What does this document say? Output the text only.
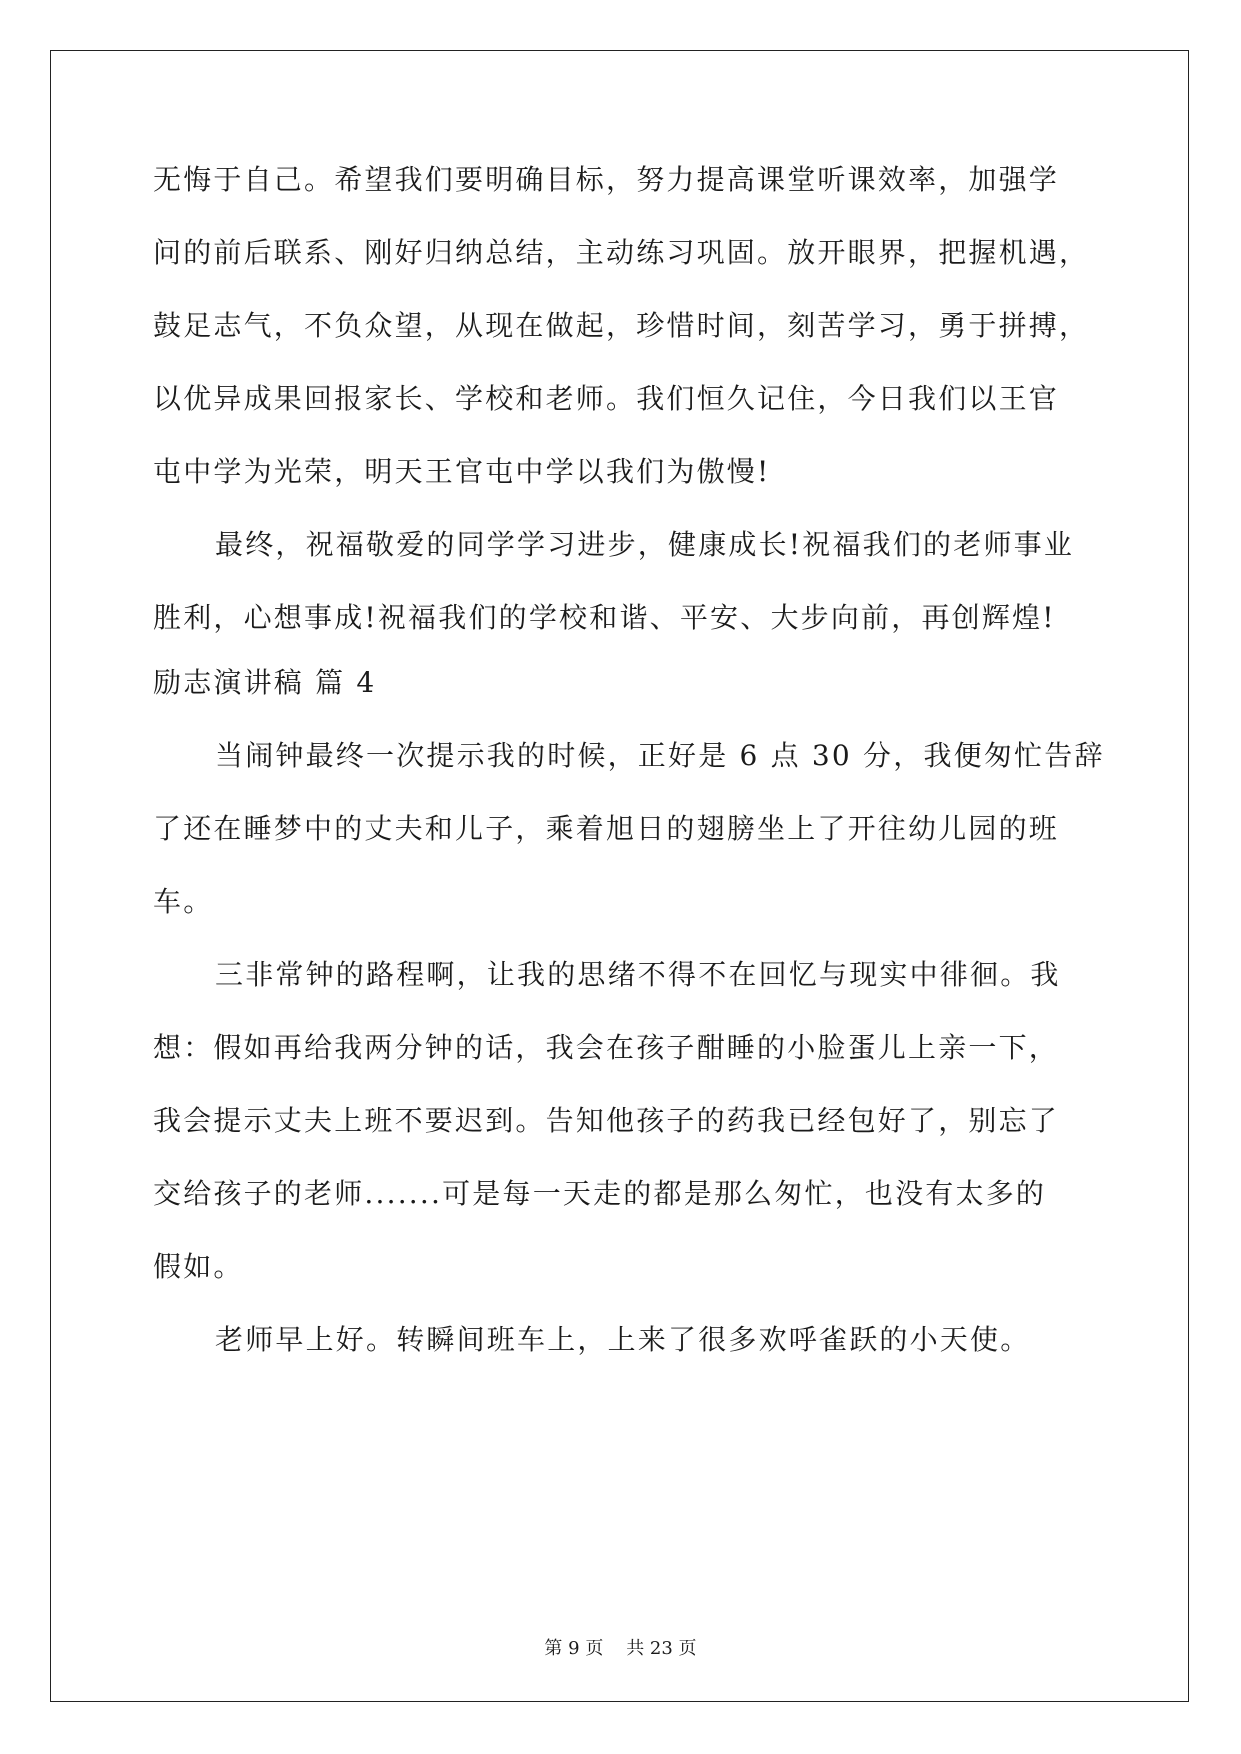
无悔于自己。希望我们要明确目标，努力提高课堂听课效率，加强学
问的前后联系、刚好归纳总结，主动练习巩固。放开眼界，把握机遇，
鼓足志气，不负众望，从现在做起，珍惜时间，刻苦学习，勇于拼搏，
以优异成果回报家长、学校和老师。我们恒久记住，今日我们以王官
屯中学为光荣，明天王官屯中学以我们为傲慢!
最终，祝福敬爱的同学学习进步，健康成长!祝福我们的老师事业
胜利，心想事成!祝福我们的学校和谐、平安、大步向前，再创辉煌!
励志演讲稿 篇 4
当闹钟最终一次提示我的时候，正好是 6 点 30 分，我便匆忙告辞
了还在睡梦中的丈夫和儿子，乘着旭日的翅膀坐上了开往幼儿园的班
车。
三非常钟的路程啊，让我的思绪不得不在回忆与现实中徘徊。我
想：假如再给我两分钟的话，我会在孩子酣睡的小脸蛋儿上亲一下，
我会提示丈夫上班不要迟到。告知他孩子的药我已经包好了，别忘了
交给孩子的老师.......可是每一天走的都是那么匆忙，也没有太多的
假如。
老师早上好。转瞬间班车上，上来了很多欢呼雀跃的小天使。
第 9 页    共 23 页
